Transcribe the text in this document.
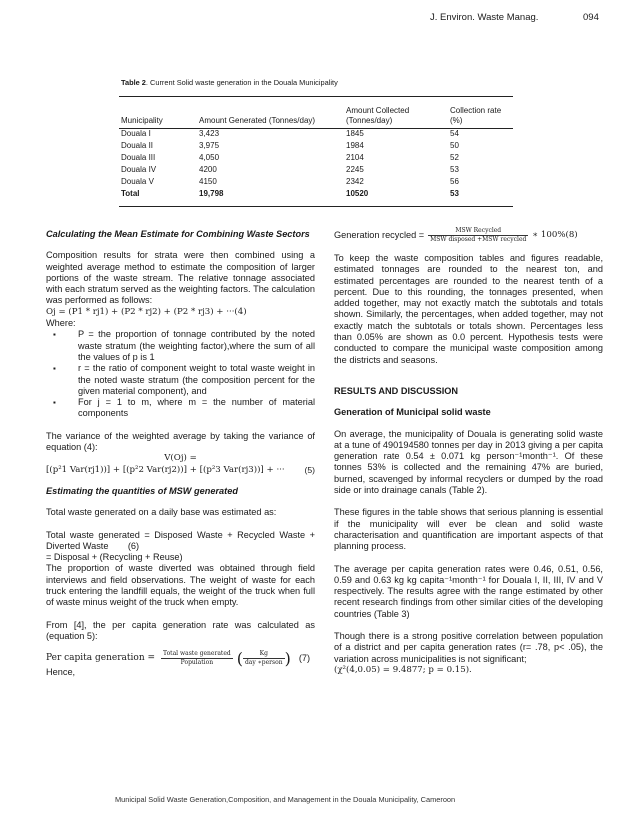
J. Environ. Waste Manag.	094
Table 2. Current Solid waste generation in the Douala Municipality
Municipality	Amount Generated (Tonnes/day)	Amount Collected (Tonnes/day)	Collection rate (%)
Douala I	3,423	1845	54
Douala II	3,975	1984	50
Douala III	4,050	2104	52
Douala IV	4200	2245	53
Douala V	4150	2342	56
Total	19,798	10520	53

Calculating the Mean Estimate for Combining Waste Sectors

Composition results for strata were then combined using a weighted average method to estimate the composition of larger portions of the waste stream. The relative tonnage associated with each stratum served as the weighting factors. The calculation was performed as follows:

Oj = (P1 * rj1) + (P2 * rj2) + (P2 * rj3) + ···(4)

Where:

▪ P = the proportion of tonnage contributed by the noted waste stratum (the weighting factor),where the sum of all the values of p is 1
▪ r = the ratio of component weight to total waste weight in the noted waste stratum (the composition percent for the given material component), and
▪ For j = 1 to m, where m = the number of material components

The variance of the weighted average by taking the variance of equation (4):

V(Oj) =

[(p²1 Var(rj1))] + [(p²2 Var(rj2))] + [(p²3 Var(rj3))] + ··· (5)

Estimating the quantities of MSW generated

Total waste generated on a daily base was estimated as:

Total waste generated = Disposed Waste + Recycled Waste + Diverted Waste (6)

= Disposal + (Recycling + Reuse)

The proportion of waste diverted was obtained through field interviews and field observations. The weight of waste for each truck entering the landfill equals, the weight of the truck when full of waste minus weight of the truck when empty.

From [4], the per capita generation rate was calculated as (equation 5):

Per capita generation = $\frac{\text{Total waste generated}}{\text{Population}}$ ( $\frac{Kg}{\text{day ∗person}}$ ) (7)

Hence,

Generation recycled = $\frac{\text{MSW Recycled}}{\text{MSW disposed +MSW recycled}}$ ∗ 100%(8)

To keep the waste composition tables and figures readable, estimated tonnages are rounded to the nearest ton, and estimated percentages are rounded to the nearest tenth of a percent. Due to this rounding, the tonnages presented, when added together, may not exactly match the subtotals and totals shown. Similarly, the percentages, when added together, may not exactly match the subtotals or totals shown. Percentages less than 0.05% are shown as 0.0 percent. Hypothesis tests were conducted to compare the municipal waste composition among the districts and seasons.

RESULTS AND DISCUSSION

Generation of Municipal solid waste

On average, the municipality of Douala is generating solid waste at a tune of 490194580 tonnes per day in 2013 giving a per capita generation rate 0.54 ± 0.071 kg person⁻¹month⁻¹. Of these tonnes 53% is collected and the remaining 47% are buried, burned, scavenged by informal recyclers or dumped by the road side or into drainage canals (Table 2).

These figures in the table shows that serious planning is essential if the municipality will ever be clean and solid waste characterisation and quantification are important aspects of that planning process.

The average per capita generation rates were 0.46, 0.51, 0.56, 0.59 and 0.63 kg kg capita⁻¹month⁻¹ for Douala I, II, III, IV and V respectively. The results agree with the range estimated by other recent research findings from other similar cities of the developing countries (Table 3)

Though there is a strong positive correlation between population of a district and per capita generation rates (r= .78, p< .05), the variation across municipalities is not significant;

(χ²(4,0.05) = 9.4877; p = 0.15).

Municipal Solid Waste Generation,Composition, and Management in the Douala Municipality, Cameroon
